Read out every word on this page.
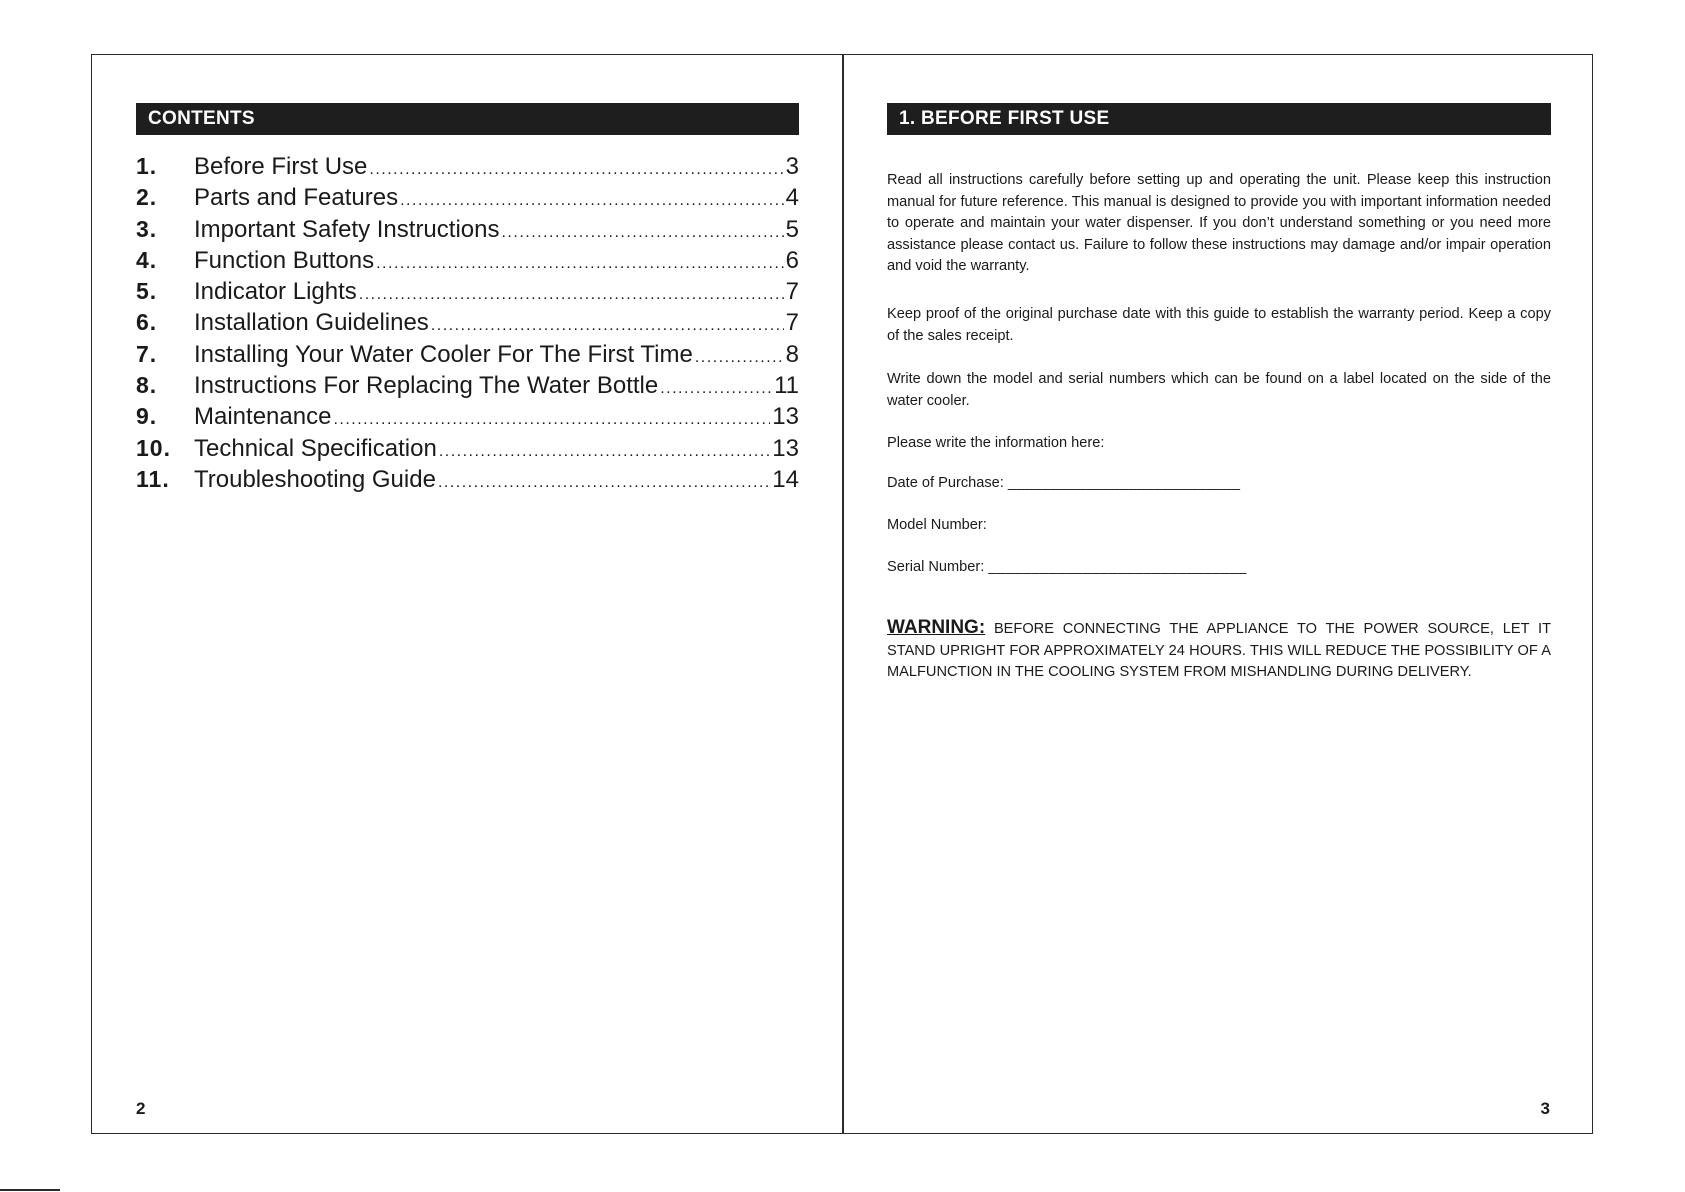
CONTENTS
1.	Before First Use .....	3
2.	Parts and Features .....	4
3.	Important Safety Instructions .....	5
4.	Function Buttons .....	6
5.	Indicator Lights .....	7
6.	Installation Guidelines .....	7
7.	Installing Your Water Cooler For The First Time .....	8
8.	Instructions For Replacing The Water Bottle .....	11
9.	Maintenance .....	13
10. Technical Specification .....	13
11.	Troubleshooting Guide .....	14
2
1. BEFORE FIRST USE

Read all instructions carefully before setting up and operating the unit. Please keep this instruction manual for future reference. This manual is designed to provide you with important information needed to operate and maintain your water dispenser. If you don’t understand something or you need more assistance please contact us. Failure to follow these instructions may damage and/or impair operation and void the warranty.

Keep proof of the original purchase date with this guide to establish the warranty period. Keep a copy of the sales receipt.

Write down the model and serial numbers which can be found on a label located on the side of the water cooler.

Please write the information here:

Date of Purchase: ___________________________
Model Number:
Serial Number: ______________________________

WARNING: BEFORE CONNECTING THE APPLIANCE TO THE POWER SOURCE, LET IT STAND UPRIGHT FOR APPROXIMATELY 24 HOURS. THIS WILL REDUCE THE POSSIBILITY OF A MALFUNCTION IN THE COOLING SYSTEM FROM MISHANDLING DURING DELIVERY.

3
